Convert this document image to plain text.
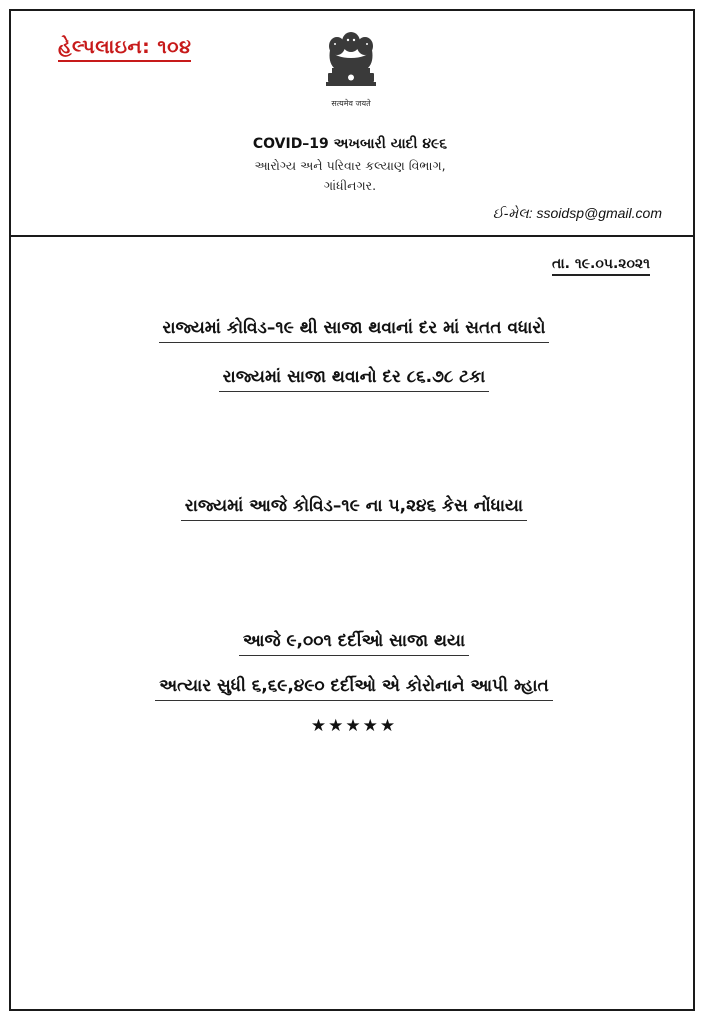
હેલ્પલાઇન: ૧૦૪
सत्यमेव जयते
COVID–19 અખબારી યાદી ૪૯૬
આરોગ્ય અને પરિવાર કલ્યાણ વિભાગ,
ગાંધીનગર.
ઈ-મેલ: ssoidsp@gmail.com
તા. ૧૯.૦૫.૨૦૨૧
રાજ્યમાં કોવિડ–૧૯ થી સાજા થવાનાં દર માં સતત વધારો
રાજ્યમાં સાજા થવાનો દર ૮૬.૭૮ ટકા
રાજ્યમાં આજે કોવિડ–૧૯ ના ૫,૨૪૬ કેસ નોંધાયા
આજે ૯,૦૦૧ દર્દીઓ સાજા થયા
અત્યાર સુધી ૬,૬૯,૪૯૦ દર્દીઓ એ કોરોનાને આપી મ્હાત
★★★★★
